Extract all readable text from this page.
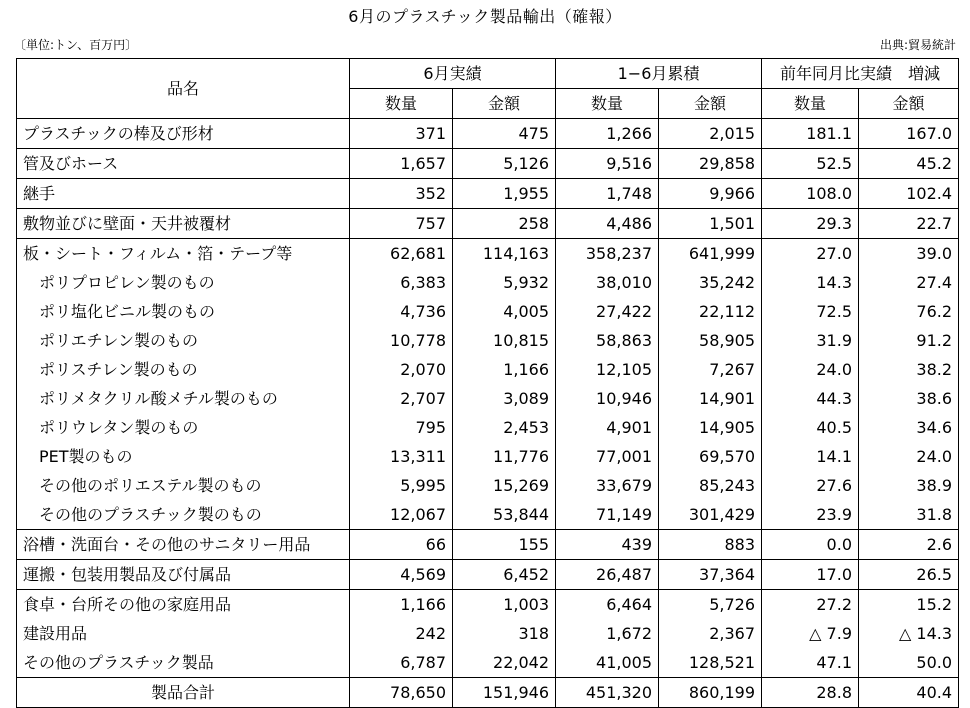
6月のプラスチック製品輸出（確報）
〔単位:トン、百万円〕	出典:貿易統計
品名	6月実績		1−6月累積		前年同月比実績　増減	
	数量	金額	数量	金額	数量	金額
プラスチックの棒及び形材	371	475	1,266	2,015	181.1	167.0
管及びホース	1,657	5,126	9,516	29,858	52.5	45.2
継手	352	1,955	1,748	9,966	108.0	102.4
敷物並びに壁面・天井被覆材	757	258	4,486	1,501	29.3	22.7
板・シート・フィルム・箔・テープ等	62,681	114,163	358,237	641,999	27.0	39.0
ポリプロピレン製のもの	6,383	5,932	38,010	35,242	14.3	27.4
ポリ塩化ビニル製のもの	4,736	4,005	27,422	22,112	72.5	76.2
ポリエチレン製のもの	10,778	10,815	58,863	58,905	31.9	91.2
ポリスチレン製のもの	2,070	1,166	12,105	7,267	24.0	38.2
ポリメタクリル酸メチル製のもの	2,707	3,089	10,946	14,901	44.3	38.6
ポリウレタン製のもの	795	2,453	4,901	14,905	40.5	34.6
PET製のもの	13,311	11,776	77,001	69,570	14.1	24.0
その他のポリエステル製のもの	5,995	15,269	33,679	85,243	27.6	38.9
その他のプラスチック製のもの	12,067	53,844	71,149	301,429	23.9	31.8
浴槽・洗面台・その他のサニタリー用品	66	155	439	883	0.0	2.6
運搬・包装用製品及び付属品	4,569	6,452	26,487	37,364	17.0	26.5
食卓・台所その他の家庭用品	1,166	1,003	6,464	5,726	27.2	15.2
建設用品	242	318	1,672	2,367	△ 7.9	△ 14.3
その他のプラスチック製品	6,787	22,042	41,005	128,521	47.1	50.0
製品合計	78,650	151,946	451,320	860,199	28.8	40.4
